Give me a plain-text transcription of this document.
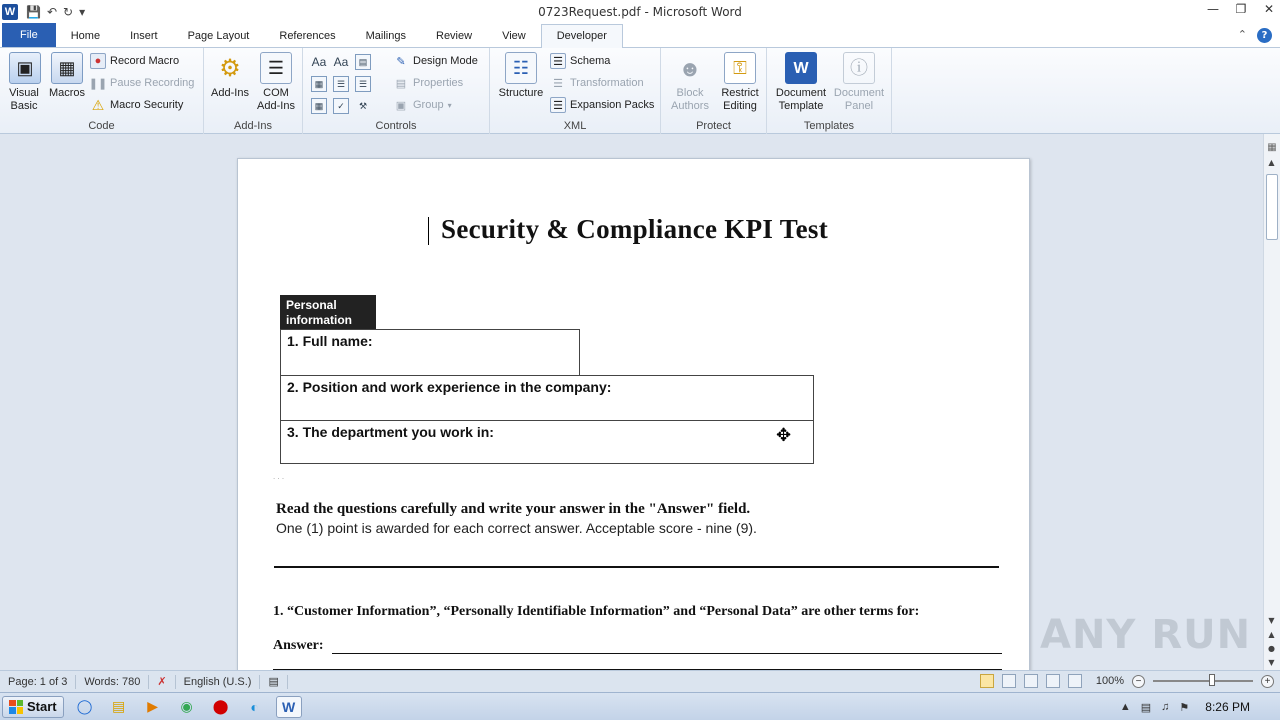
W 💾 ↶ ↻ ▾	0723Request.pdf - Microsoft Word	— ❐ ✕
File	Home	Insert	Page Layout	References	Mailings	Review	View	Developer	⌃	?
▣
Visual Basic
▦
Macros
● Record Macro
❚❚ Pause Recording
⚠ Macro Security
Code
⚙
Add-Ins
☰
COM Add-Ins
Add-Ins
Aa Aa	▤
▦	☰	☰
▦	✓	⚒
✎ Design Mode
▤ Properties
▣ Group ▾
Controls
☷
Structure
☰ Schema
☰ Transformation
☰ Expansion Packs
XML
☻
Block Authors
⚿
Restrict Editing
Protect
W
Document Template
ⓘ
Document Panel
Templates
Security & Compliance KPI Test
Personal information
1. Full name:
2. Position and work experience in the company:
3. The department you work in:
· · ·
Read the questions carefully and write your answer in the "Answer" field.
One (1) point is awarded for each correct answer. Acceptable score - nine (9).
1. “Customer Information”, “Personally Identifiable Information” and “Personal Data” are other terms for:
Answer:
✥
▦
▲
▼
▲
●
▼
ANY RUN
Page: 1 of 3	Words: 780	✗	English (U.S.)	▤	100%	−	+
Start	◯	▤	▶	◉	⬤	◐	W	▲ ▤ ♫ ⚑ 8:26 PM
